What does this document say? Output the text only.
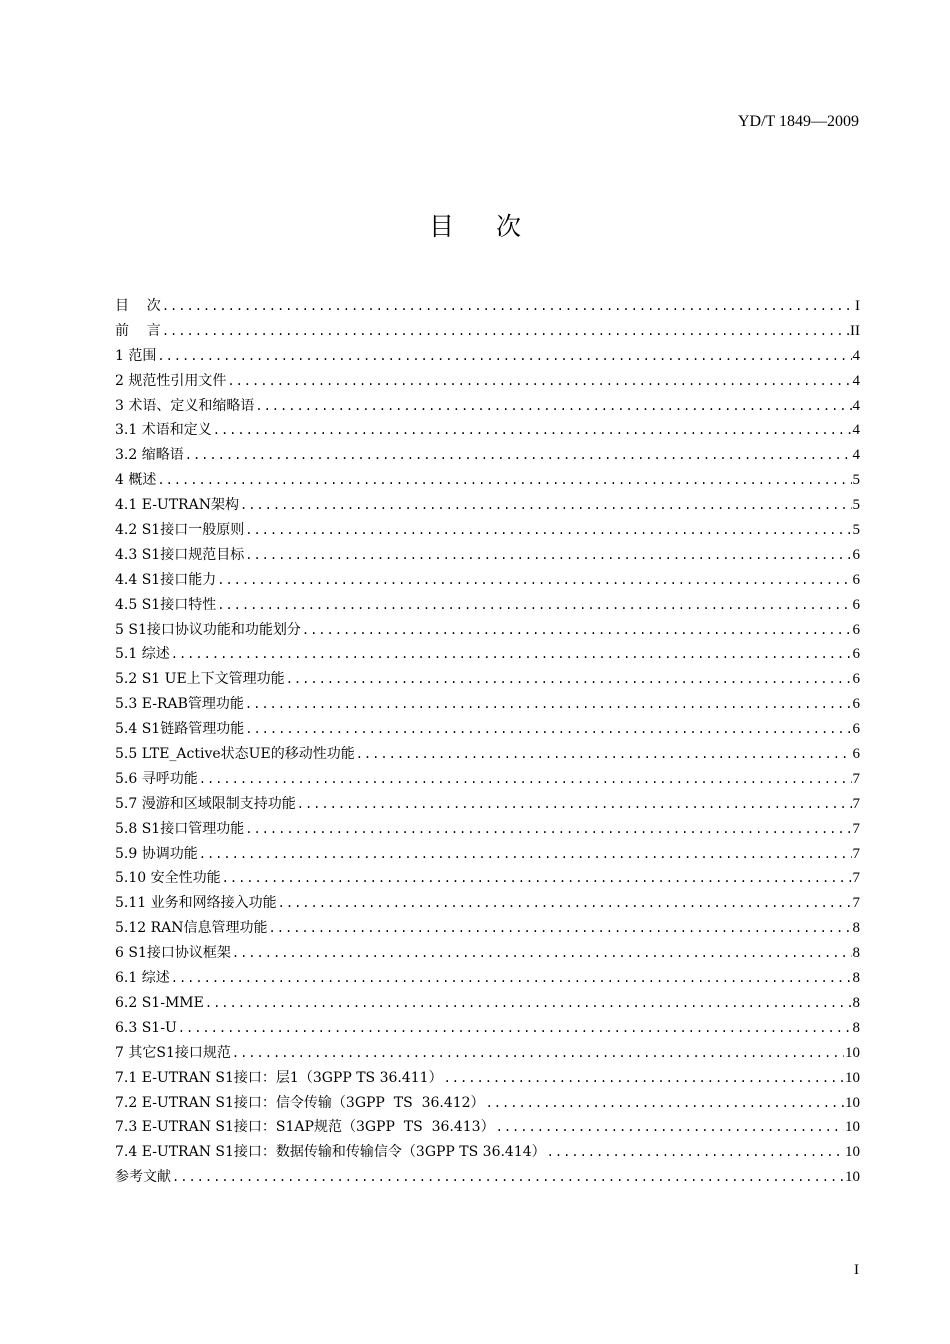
YD/T 1849—2009
目次
目    次 .....	I
前    言 .....	II
1 范围 .....	4
2 规范性引用文件 .....	4
3 术语、定义和缩略语 .....	4
3.1 术语和定义 .....	4
3.2 缩略语 .....	4
4 概述 .....	5
4.1 E-UTRAN架构 .....	5
4.2 S1接口一般原则 .....	5
4.3 S1接口规范目标 .....	6
4.4 S1接口能力 .....	6
4.5 S1接口特性 .....	6
5 S1接口协议功能和功能划分 .....	6
5.1 综述 .....	6
5.2 S1 UE上下文管理功能 .....	6
5.3 E-RAB管理功能 .....	6
5.4 S1链路管理功能 .....	6
5.5 LTE_Active状态UE的移动性功能 .....	6
5.6 寻呼功能 .....	7
5.7 漫游和区域限制支持功能 .....	7
5.8 S1接口管理功能 .....	7
5.9 协调功能 .....	7
5.10 安全性功能 .....	7
5.11 业务和网络接入功能 .....	7
5.12 RAN信息管理功能 .....	8
6 S1接口协议框架 .....	8
6.1 综述 .....	8
6.2 S1-MME .....	8
6.3 S1-U .....	8
7 其它S1接口规范 .....	10
7.1 E-UTRAN S1接口：层1（3GPP TS 36.411） .....	10
7.2 E-UTRAN S1接口：信令传输（3GPP  TS  36.412） .....	10
7.3 E-UTRAN S1接口：S1AP规范（3GPP  TS  36.413） .....	10
7.4 E-UTRAN S1接口：数据传输和传输信令（3GPP TS 36.414） .....	10
参考文献 .....	10
I
